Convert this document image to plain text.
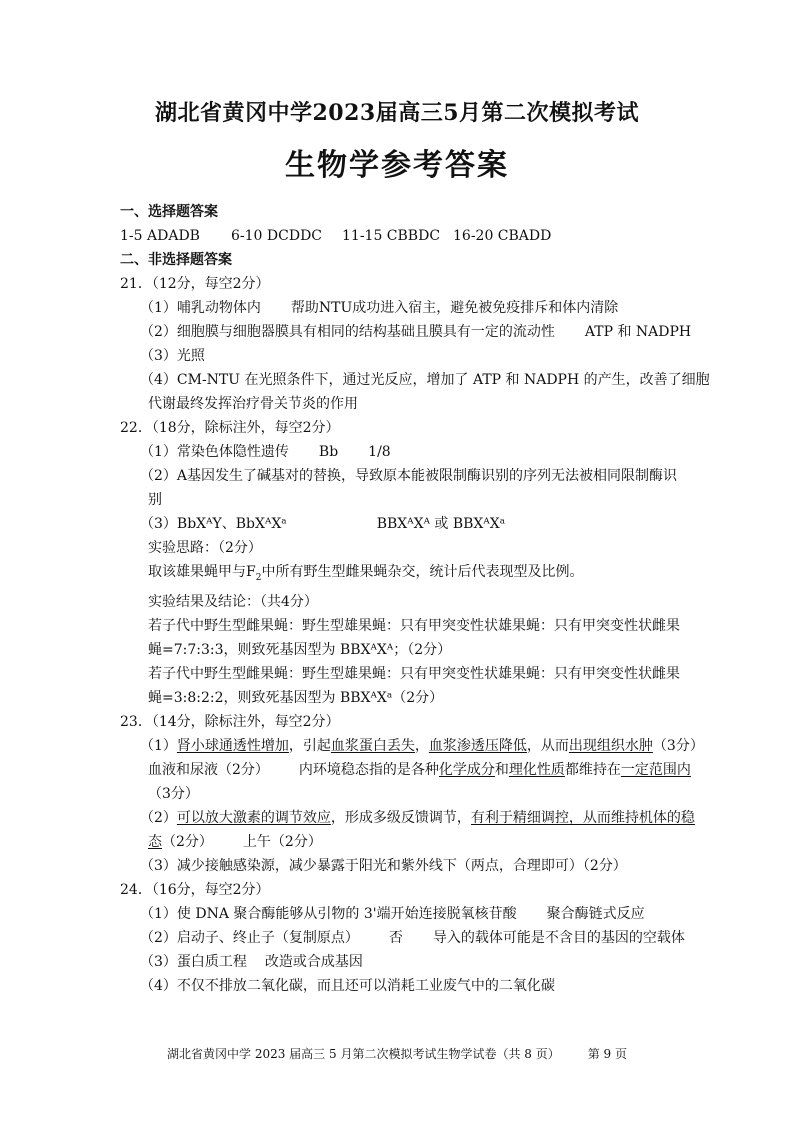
湖北省黄冈中学2023届高三5月第二次模拟考试
生物学参考答案
一、选择题答案
1-5 ADADB 6-10 DCDDC 11-15 CBBDC 16-20 CBADD
二、非选择题答案
21．（12分，每空2分）
（1）哺乳动物体内 帮助NTU成功进入宿主，避免被免疫排斥和体内清除
（2）细胞膜与细胞器膜具有相同的结构基础且膜具有一定的流动性 ATP 和 NADPH
（3）光照
（4）CM-NTU 在光照条件下，通过光反应，增加了 ATP 和 NADPH 的产生，改善了细胞
代谢最终发挥治疗骨关节炎的作用
22．（18分，除标注外，每空2分）
（1）常染色体隐性遗传 Bb 1/8
（2）A基因发生了碱基对的替换，导致原本能被限制酶识别的序列无法被相同限制酶识
别
（3）BbXᴬY、BbXᴬXᵃ	BBXᴬXᴬ 或 BBXᴬXᵃ
实验思路：（2分）
取该雄果蝇甲与$F_2$中所有野生型雌果蝇杂交，统计后代表现型及比例。
实验结果及结论：（共4分）
若子代中野生型雌果蝇：野生型雄果蝇：只有甲突变性状雄果蝇：只有甲突变性状雌果
蝇=7:7:3:3，则致死基因型为 BBXᴬXᴬ；（2分）
若子代中野生型雌果蝇：野生型雄果蝇：只有甲突变性状雄果蝇：只有甲突变性状雌果
蝇=3:8:2:2，则致死基因型为 BBXᴬXᵃ（2分）
23．（14分，除标注外，每空2分）
（1）肾小球通透性增加，引起血浆蛋白丢失，血浆渗透压降低，从而出现组织水肿（3分）
血液和尿液（2分） 内环境稳态指的是各种化学成分和理化性质都维持在一定范围内
（3分）
（2）可以放大激素的调节效应，形成多级反馈调节，有利于精细调控，从而维持机体的稳
态（2分） 上午（2分）
（3）减少接触感染源，减少暴露于阳光和紫外线下（两点，合理即可）（2分）
24．（16分，每空2分）
（1）使 DNA 聚合酶能够从引物的 3'端开始连接脱氧核苷酸 聚合酶链式反应
（2）启动子、终止子（复制原点） 否 导入的载体可能是不含目的基因的空载体
（3）蛋白质工程 改造或合成基因
（4）不仅不排放二氧化碳，而且还可以消耗工业废气中的二氧化碳
湖北省黄冈中学 2023 届高三 5 月第二次模拟考试生物学试卷（共 8 页） 第 9 页
